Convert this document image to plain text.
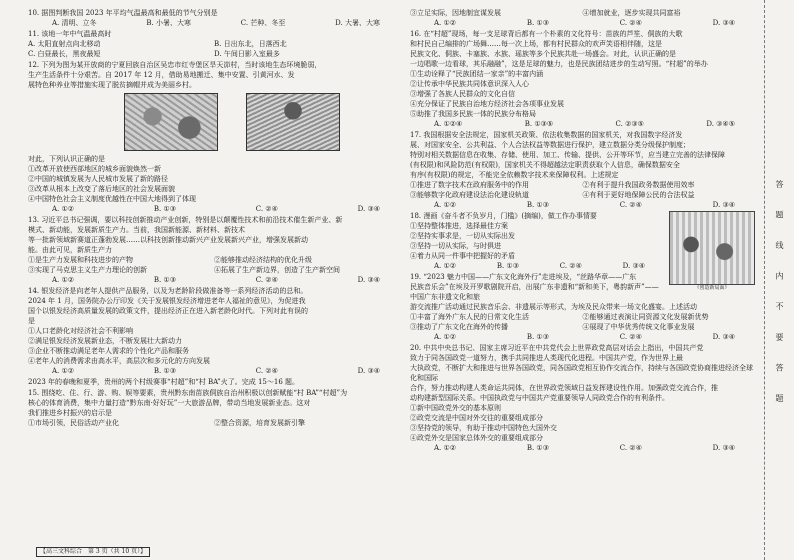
10. 据图判断我国 2023 年平均气温最高和最低的节气分别是
A. 清明、立冬	B. 小暑、大寒	C. 芒种、冬至	D. 大暑、大寒
11. 该地一年中气温最高时
A. 太阳直射点向北移动	B. 日出东北，日落西北
C. 白昼最长，黑夜最短	D. 午间日影入室最多
12. 下列为图为某开放商的宁夏回族自治区吴忠市红寺堡区旱天峁村，当时该地生态环境脆弱，
生产生活条件十分艰苦。自 2017 年 12 月，借助易地搬迁、集中安置、引黄河水、发
展特色种养业等措施实现了脱贫摘帽并成为美丽乡村。
对此，下列认识正确的是
①改革开放使西部地区的城乡面貌焕然一新
②中国的城镇发展为人民城市发展了新的路径
③改革从根本上改变了落后地区的社会发展面貌
④中国特色社会主义制度优越性在中国大地得到了体现
A. ①②	B. ①③	C. ②④	D. ③④
13. 习近平总书记强调，要以科技创新推动产业创新，特别是以颠覆性技术和前沿技术催生新产业、新
模式、新动能，发展新质生产力。当前，我国新能源、新材料、新技术
等一批新领域新赛道正蓬勃发展……以科技创新推动新兴产业发展新兴产业，增强发展新动
能。由此可见，新质生产力
①是生产力发展和科技进步的产物	②能够推动经济结构的优化升级
③实现了马克思主义生产力理论的创新	④拓展了生产新边界，创造了生产新空间
A. ①②	B. ①③	C. ②④	D. ③④
14. 银发经济是向老年人提供产品服务，以及为老龄阶段做准备等一系列经济活动的总和。
2024 年 1 月，国务院办公厅印发《关于发展银发经济增进老年人福祉的意见》，为促进我
国个以银发经济高质量发展的政策文件，提出经济正在进入新老龄化时代。下列对此有误的
是
①人口老龄化对经济社会不利影响
②满足银发经济发展新业态，不断发展壮大新动力
③企业不断推动满足老年人需求的个性化产品和服务
④老年人的消费需求由高水平，高层次和多元化的方向发展
A. ①②	B. ①③	C. ②④	D. ③④
2023 年的春晚和夏季，贵州的两个村级赛事“村超”和“村 BA”火了。完成 15～16 题。
15. 围绕吃、住、行、游、购、娱等要素，贵州黔东南苗族侗族自治州积极以创新赋能“村 BA”“村超”为
核心的体育消费，集中力量打造“黔东南·好好玩”一大旅游品牌，带动当地发展新业态。这对
我们推进乡村振兴的启示是
①市场引领，民俗活动产业化	②整合资源，培育发展新引擎
③立足实际，因地制宜谋发展	④增加就业，逐步实现共同富裕
A. ①②	B. ①③	C. ②④	D. ③④
16. 在“村超”现场，每一支足球背后都有一个朴素的文化符号：苗族的芦笙、侗族的大歌
和村民自己编排的广场舞……每一次上场，都有村民群众的欢声笑语相伴随，这是
民族文化、侗族、卡塞族、水族、瑶族等多个民族共赴一场盛会。对此，认识正确的是
一边唱歌一边看球，其乐融融”，这是足球的魅力，也是民族团结进步的生动写照。“村超”的举办
①生动诠释了“民族团结一家亲”的丰富内涵
②让传承中华民族共同体意识深入人心
③增强了各族人民群众的文化自信
④充分保证了民族自治地方经济社会各项事业发展
⑤助推了我国多民族一体的民族分布格局
A. ①②④	B. ①③⑤	C. ②③⑤	D. ③④⑤
17. 我国根据安全法规定，国家机关政策、依法收集数据的国家机关，对我国数字经济发
展、对国家安全、公共利益、个人合法权益等数据进行保护，建立数据分类分级保护制度；
特别对相关数据信息在收集、存储、使用、加工、传输、提供、公开等环节，应当建立完善的法律保障
(有权限)和风险防范(有权限)，国家机关不得超越法定职责获取个人信息，确保数据安全
有序(有权限)的规定，不能完全依赖数字技术来保障权利。上述规定
①推进了数字技术在政府服务中的作用	②有利于提升我国政务数据使用效率
③能够数字化政府建设法治化建设轨道	④有利于更好地保障公民的合法权益
A. ①②	B. ①③	C. ②④	D. ③④
《创造新局面》
18. 漫画《奋斗者不负岁月，门槛》(摘编)，做工作办事情要
①坚持整体推进，选择最佳方案
②坚持实事求是，一切从实际出发
③坚持一切从实际，与时俱进
④着力从同一件事中把握好的矛盾
A. ①②	B. ①③	C. ②④	D. ③④
19. “2023 魅力中国——广东文化海外行”走进埃及，“丝路华章——广东
民族音乐会”在埃及开罗歌剧院开启，出展广东非遗和“新和美下，粤韵新声”——中国广东非遗文化和旅
游交流推广活动通过民族音乐会、非遗展示等形式，为埃及民众带来一场文化盛宴。上述活动
①丰富了海外广东人民的日常文化生活	②能够通过表演让同资源文化发展新优势
③推动了广东文化在海外的传播	④展现了中华优秀传统文化事业发展
A. ①②	B. ①③	C. ②④	D. ③④
20. 中共中央总书记、国家主席习近平在中共党代会上世界政党高层对话会上指出，中国共产党
致力于同各国政党一道努力，携手共同推进人类现代化进程。中国共产党，作为世界上最
大执政党，不断扩大和推进与世界各国政党，同各国政党相互协作交流合作，持续与各国政党协商推进经济全球化和国际
合作，努力推动构建人类命运共同体，在世界政党领域日益发挥建设性作用。加强政党交流合作，推
动构建新型国际关系。中国执政党与中国共产党重要领导人同政党合作的有利条件。
①新中国政党外交的基本原则
②政党交流是中国对外交往的重要组成部分
③坚持党的领导，有助于推动中国特色大国外交
④政党外交是国家总体外交的重要组成部分
A. ①②	B. ①③	C. ②④	D. ③④
答 题 线 内 不 要 答 题
【高三文科综合　第 3 页（共 10 页）】
